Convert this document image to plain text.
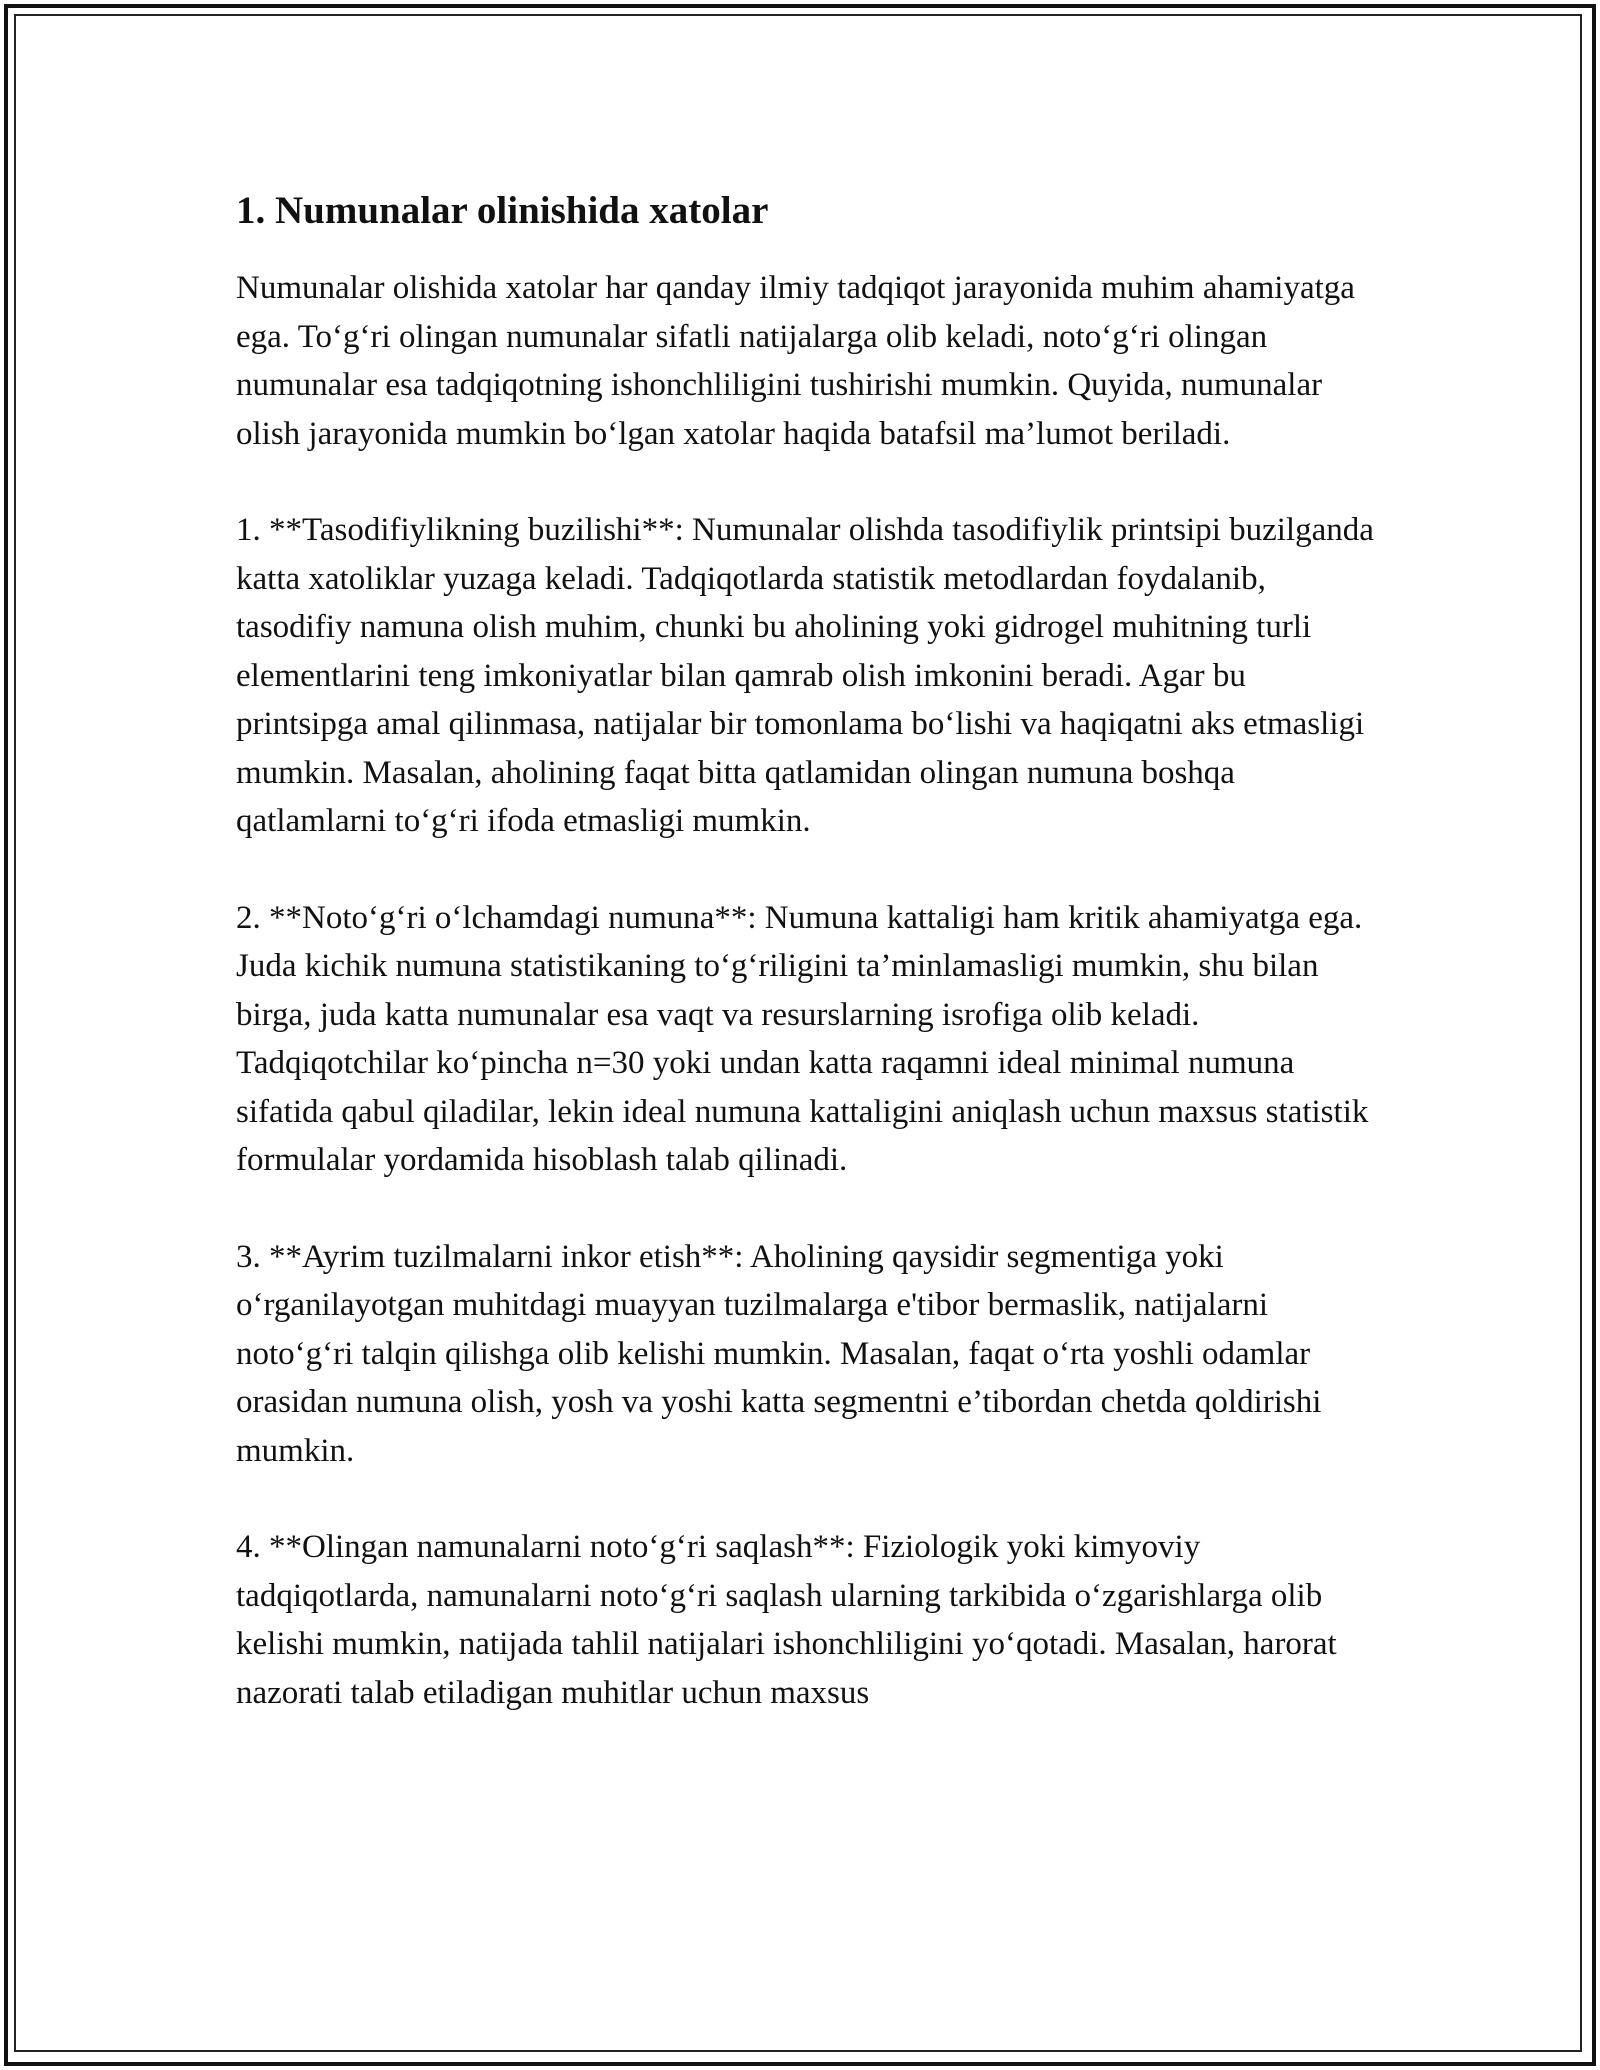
1. Numunalar olinishida xatolar

Numunalar olishida xatolar har qanday ilmiy tadqiqot jarayonida muhim ahamiyatga ega. To‘g‘ri olingan numunalar sifatli natijalarga olib keladi, noto‘g‘ri olingan numunalar esa tadqiqotning ishonchliligini tushirishi mumkin. Quyida, numunalar olish jarayonida mumkin bo‘lgan xatolar haqida batafsil ma’lumot beriladi.

1. **Tasodifiylikning buzilishi**: Numunalar olishda tasodifiylik printsipi buzilganda katta xatoliklar yuzaga keladi. Tadqiqotlarda statistik metodlardan foydalanib, tasodifiy namuna olish muhim, chunki bu aholining yoki gidrogel muhitning turli elementlarini teng imkoniyatlar bilan qamrab olish imkonini beradi. Agar bu printsipga amal qilinmasa, natijalar bir tomonlama bo‘lishi va haqiqatni aks etmasligi mumkin. Masalan, aholining faqat bitta qatlamidan olingan numuna boshqa qatlamlarni to‘g‘ri ifoda etmasligi mumkin.

2. **Noto‘g‘ri o‘lchamdagi numuna**: Numuna kattaligi ham kritik ahamiyatga ega. Juda kichik numuna statistikaning to‘g‘riligini ta’minlamasligi mumkin, shu bilan birga, juda katta numunalar esa vaqt va resurslarning isrofiga olib keladi. Tadqiqotchilar ko‘pincha n=30 yoki undan katta raqamni ideal minimal numuna sifatida qabul qiladilar, lekin ideal numuna kattaligini aniqlash uchun maxsus statistik formulalar yordamida hisoblash talab qilinadi.

3. **Ayrim tuzilmalarni inkor etish**: Aholining qaysidir segmentiga yoki o‘rganilayotgan muhitdagi muayyan tuzilmalarga e'tibor bermaslik, natijalarni noto‘g‘ri talqin qilishga olib kelishi mumkin. Masalan, faqat o‘rta yoshli odamlar orasidan numuna olish, yosh va yoshi katta segmentni e’tibordan chetda qoldirishi mumkin.

4. **Olingan namunalarni noto‘g‘ri saqlash**: Fiziologik yoki kimyoviy tadqiqotlarda, namunalarni noto‘g‘ri saqlash ularning tarkibida o‘zgarishlarga olib kelishi mumkin, natijada tahlil natijalari ishonchliligini yo‘qotadi. Masalan, harorat nazorati talab etiladigan muhitlar uchun maxsus
